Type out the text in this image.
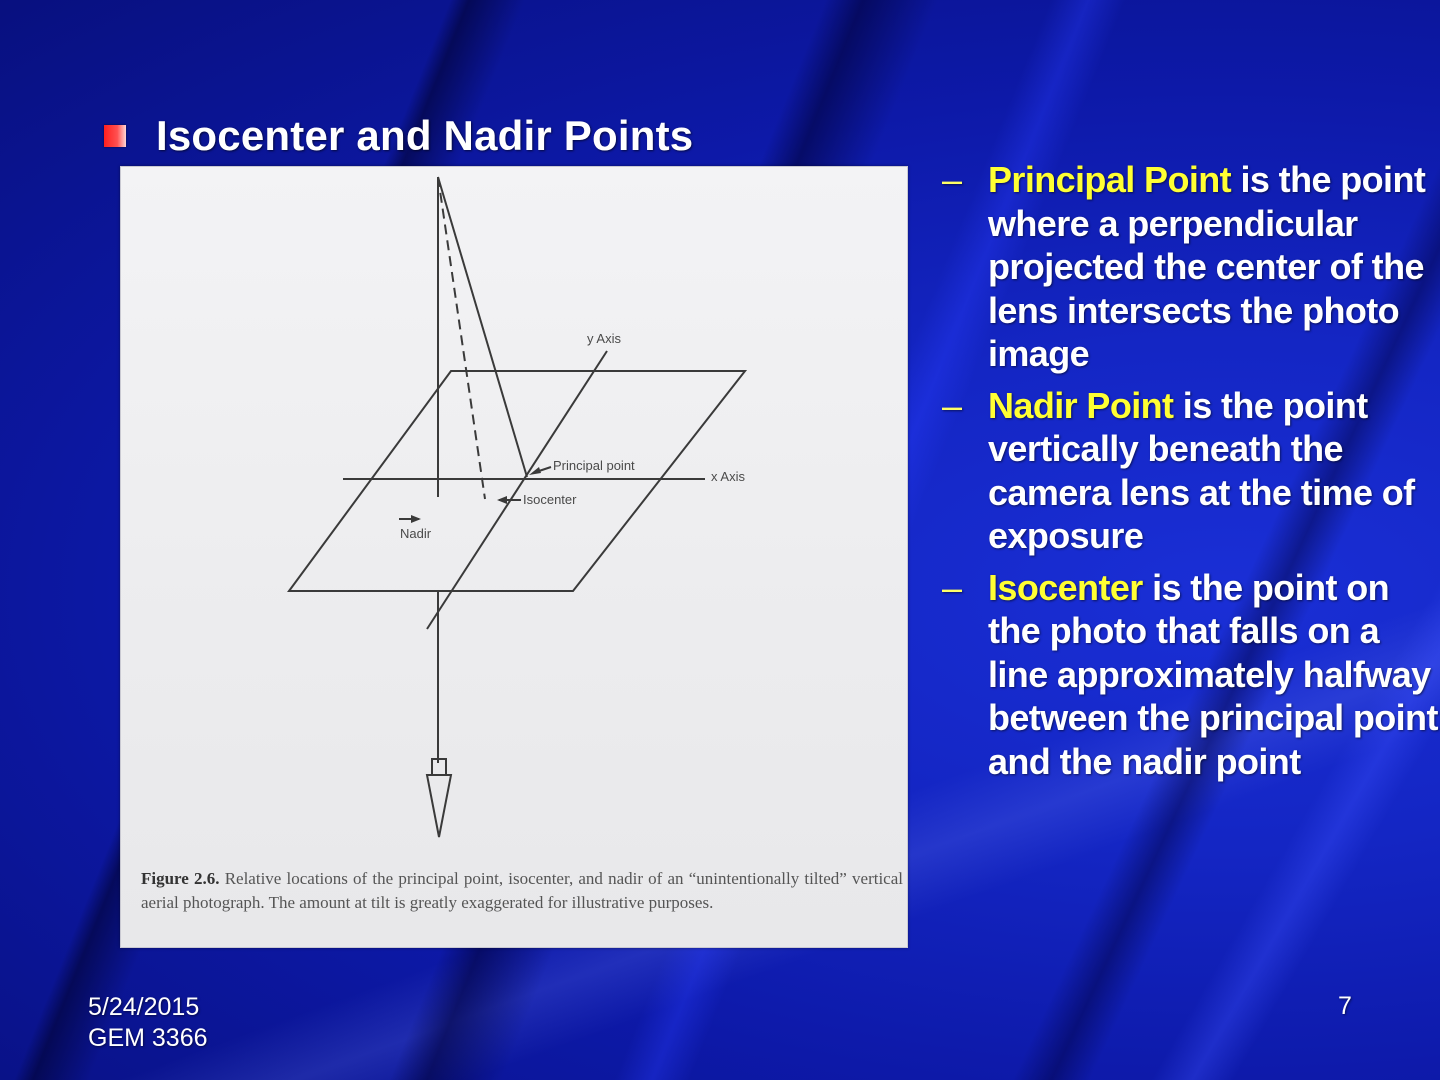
Isocenter and Nadir Points
y Axis
x Axis
Principal point
Isocenter
Nadir
Figure 2.6. Relative locations of the principal point, isocenter, and nadir of an “unintentionally tilted” vertical aerial photograph. The amount at tilt is greatly exaggerated for illustrative purposes.
– Principal Point is the point where a perpendicular projected the center of the lens intersects the photo image
– Nadir Point is the point vertically beneath the camera lens at the time of exposure
– Isocenter is the point on the photo that falls on a line approximately halfway between the principal point and the nadir point
5/24/2015
GEM 3366
7
